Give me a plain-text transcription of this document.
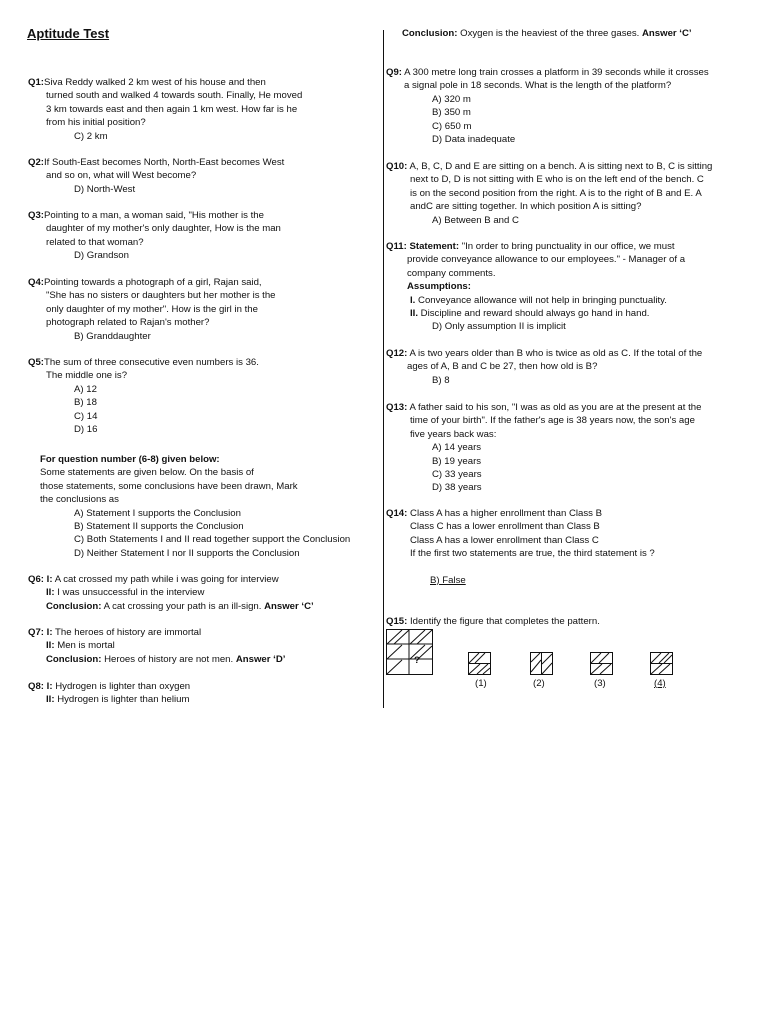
Aptitude Test

Q1:Siva Reddy walked 2 km west of his house and then

turned south and walked 4 towards south. Finally, He moved

3 km towards east and then again 1 km west. How far is he

from his initial position?

C) 2 km

Q2:If South-East becomes North, North-East becomes West

and so on, what will West become?

D) North-West

Q3:Pointing to a man, a woman said, "His mother is the

daughter of my mother's only daughter, How is the man

related to that woman?

D) Grandson

Q4:Pointing towards a photograph of a girl, Rajan said,

"She has no sisters or daughters but her mother is the

only daughter of my mother". How is the girl in the

photograph related to Rajan's mother?

B) Granddaughter

Q5:The sum of three consecutive even numbers is 36.

The middle one is?

A) 12

B) 18

C) 14

D) 16

For question number (6-8) given below:

Some statements are given below. On the basis of

those statements, some conclusions have been drawn, Mark

the conclusions as

A) Statement I supports the Conclusion

B) Statement II supports the Conclusion

C) Both Statements I and II read together support the Conclusion

D) Neither Statement I nor II supports the Conclusion

Q6: I: A cat crossed my path while i was going for interview

II: I was unsuccessful in the interview

Conclusion: A cat crossing your path is an ill-sign. Answer ‘C’

Q7: I: The heroes of history are immortal

II: Men is mortal

Conclusion: Heroes of history are not men. Answer ‘D’

Q8: I: Hydrogen is lighter than oxygen

II: Hydrogen is lighter than helium

Conclusion: Oxygen is the heaviest of the three gases. Answer ‘C’

Q9: A 300 metre long train crosses a platform in 39 seconds while it crosses

a signal pole in 18 seconds. What is the length of the platform?

A) 320 m

B) 350 m

C) 650 m

D) Data inadequate

Q10: A, B, C, D and E are sitting on a bench. A is sitting next to B, C is sitting

next to D, D is not sitting with E who is on the left end of the bench. C

is on the second position from the right. A is to the right of B and E. A

andC are sitting together. In which position A is sitting?

A) Between B and C

Q11: Statement: "In order to bring punctuality in our office, we must

provide conveyance allowance to our employees." - Manager of a

company comments.

Assumptions:

I. Conveyance allowance will not help in bringing punctuality.

II. Discipline and reward should always go hand in hand.

D) Only assumption II is implicit

Q12: A is two years older than B who is twice as old as C. If the total of the

ages of A, B and C be 27, then how old is B?

B) 8

Q13: A father said to his son, "I was as old as you are at the present at the

time of your birth". If the father's age is 38 years now, the son's age

five years back was:

A) 14 years

B) 19 years

C) 33 years

D) 38 years

Q14: Class A has a higher enrollment than Class B

Class C has a lower enrollment than Class B

Class A has a lower enrollment than Class C

If the first two statements are true, the third statement is ?

B) False

Q15: Identify the figure that completes the pattern.

?
(1)	(2)	(3)	(4)
